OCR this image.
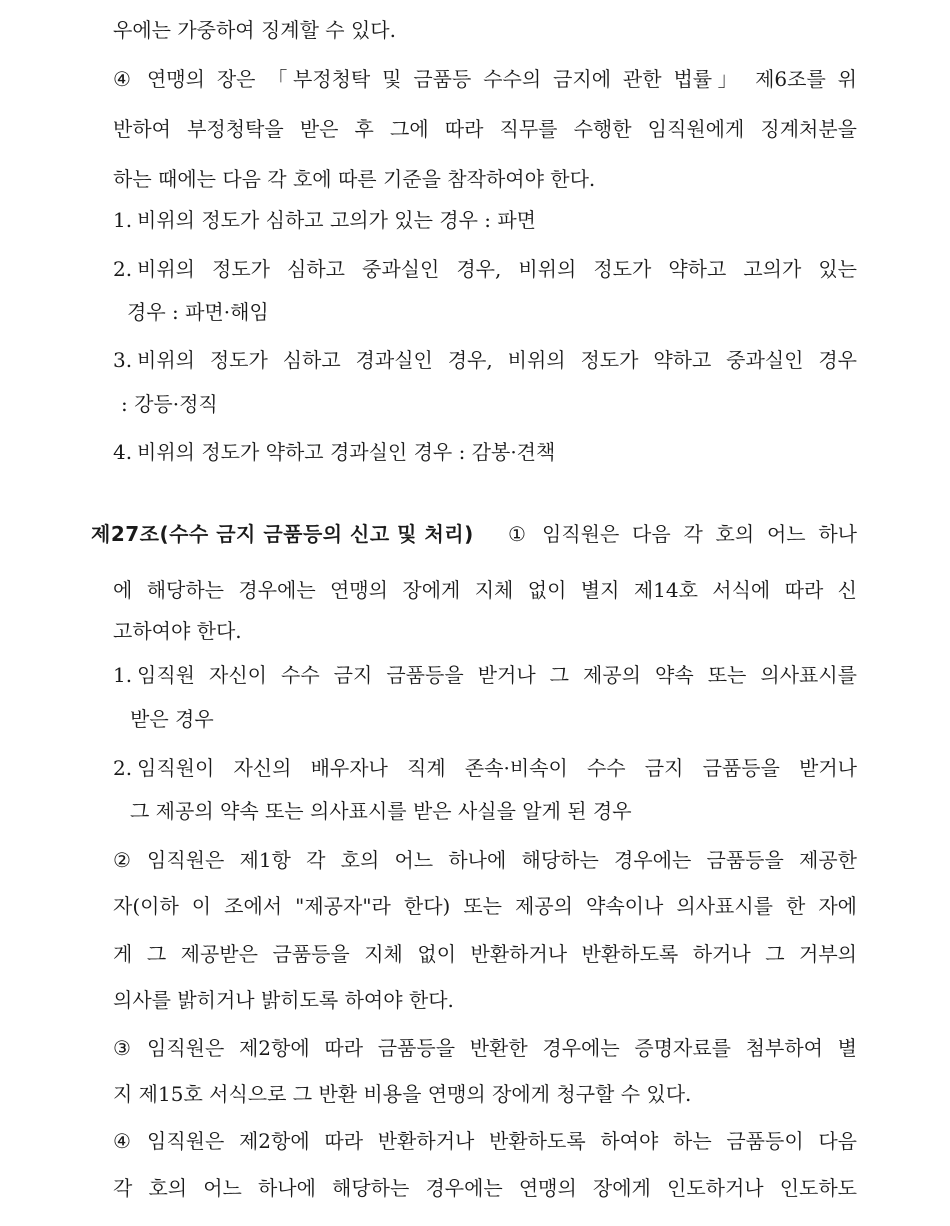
우에는 가중하여 징계할 수 있다.
④ 연맹의 장은 「부정청탁 및 금품등 수수의 금지에 관한 법률」 제6조를 위
반하여 부정청탁을 받은 후 그에 따라 직무를 수행한 임직원에게 징계처분을
하는 때에는 다음 각 호에 따른 기준을 참작하여야 한다.
1. 비위의 정도가 심하고 고의가 있는 경우 : 파면
2. 비위의 정도가 심하고 중과실인 경우, 비위의 정도가 약하고 고의가 있는
경우 : 파면·해임
3. 비위의 정도가 심하고 경과실인 경우, 비위의 정도가 약하고 중과실인 경우
: 강등·정직
4. 비위의 정도가 약하고 경과실인 경우 : 감봉·견책
제27조(수수 금지 금품등의 신고 및 처리) ① 임직원은 다음 각 호의 어느 하나
에 해당하는 경우에는 연맹의 장에게 지체 없이 별지 제14호 서식에 따라 신
고하여야 한다.
1. 임직원 자신이 수수 금지 금품등을 받거나 그 제공의 약속 또는 의사표시를
받은 경우
2. 임직원이 자신의 배우자나 직계 존속·비속이 수수 금지 금품등을 받거나
그 제공의 약속 또는 의사표시를 받은 사실을 알게 된 경우
② 임직원은 제1항 각 호의 어느 하나에 해당하는 경우에는 금품등을 제공한
자(이하 이 조에서 "제공자"라 한다) 또는 제공의 약속이나 의사표시를 한 자에
게 그 제공받은 금품등을 지체 없이 반환하거나 반환하도록 하거나 그 거부의
의사를 밝히거나 밝히도록 하여야 한다.
③ 임직원은 제2항에 따라 금품등을 반환한 경우에는 증명자료를 첨부하여 별
지 제15호 서식으로 그 반환 비용을 연맹의 장에게 청구할 수 있다.
④ 임직원은 제2항에 따라 반환하거나 반환하도록 하여야 하는 금품등이 다음
각 호의 어느 하나에 해당하는 경우에는 연맹의 장에게 인도하거나 인도하도
